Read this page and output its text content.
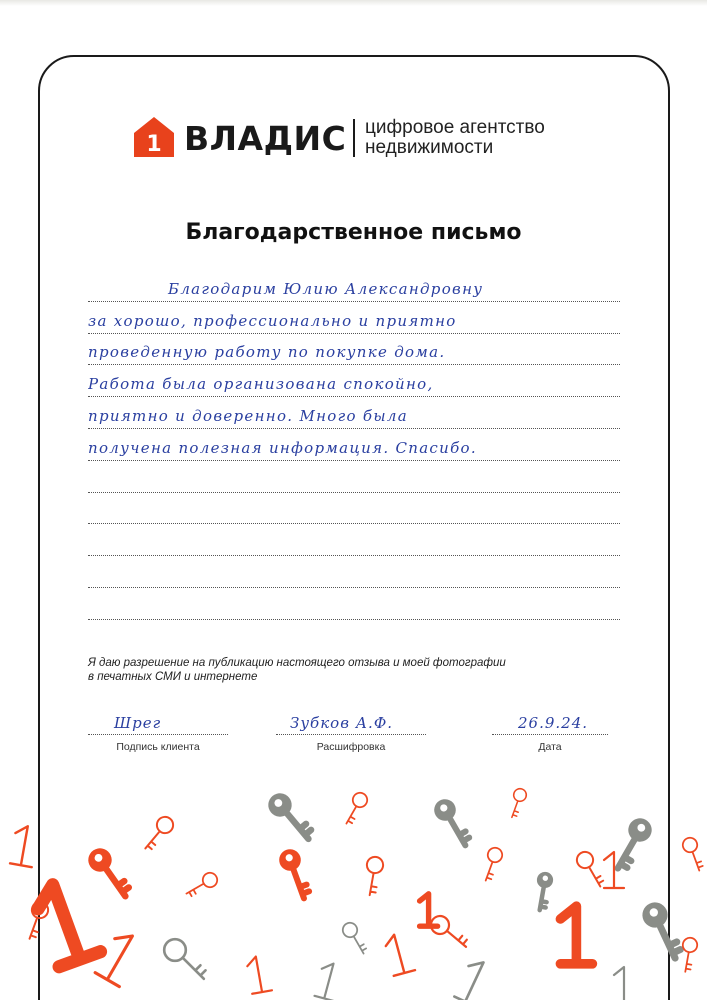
1 ВЛАДИС цифровое агентство
недвижимости
Благодарственное письмо
Благодарим Юлию Александровну
за хорошо, профессионально и приятно
проведенную работу по покупке дома.
Работа была организована спокойно,
приятно и доверенно. Много была
получена полезная информация. Спасибо.
Я даю разрешение на публикацию настоящего отзыва и моей фотографии
в печатных СМИ и интернете
Шрег
Подпись клиента
Зубков А.Ф.
Расшифровка
26.9.24.
Дата
